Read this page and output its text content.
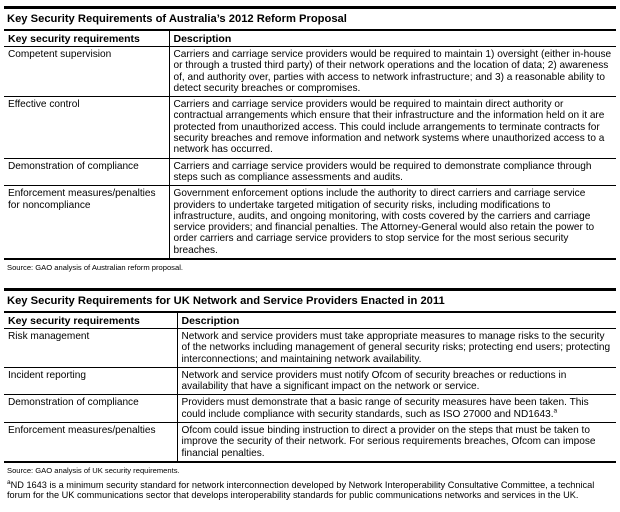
Key Security Requirements of Australia’s 2012 Reform Proposal
Key security requirements	Description
Competent supervision	Carriers and carriage service providers would be required to maintain 1) oversight (either in-house or through a trusted third party) of their network operations and the location of data; 2) awareness of, and authority over, parties with access to network infrastructure; and 3) a reasonable ability to detect security breaches or compromises.
Effective control	Carriers and carriage service providers would be required to maintain direct authority or contractual arrangements which ensure that their infrastructure and the information held on it are protected from unauthorized access. This could include arrangements to terminate contracts for security breaches and remove information and network systems where unauthorized access to a network has occurred.
Demonstration of compliance	Carriers and carriage service providers would be required to demonstrate compliance through steps such as compliance assessments and audits.
Enforcement measures/penalties for noncompliance	Government enforcement options include the authority to direct carriers and carriage service providers to undertake targeted mitigation of security risks, including modifications to infrastructure, audits, and ongoing monitoring, with costs covered by the carriers and carriage service providers; and financial penalties. The Attorney-General would also retain the power to order carriers and carriage service providers to stop service for the most serious security breaches.
Source: GAO analysis of Australian reform proposal.
Key Security Requirements for UK Network and Service Providers Enacted in 2011
Key security requirements	Description
Risk management	Network and service providers must take appropriate measures to manage risks to the security of the networks including management of general security risks; protecting end users; protecting interconnections; and maintaining network availability.
Incident reporting	Network and service providers must notify Ofcom of security breaches or reductions in availability that have a significant impact on the network or service.
Demonstration of compliance	Providers must demonstrate that a basic range of security measures have been taken. This could include compliance with security standards, such as ISO 27000 and ND1643.$^a$
Enforcement measures/penalties	Ofcom could issue binding instruction to direct a provider on the steps that must be taken to improve the security of their network. For serious requirements breaches, Ofcom can impose financial penalties.
Source: GAO analysis of UK security requirements.
$^a$ND 1643 is a minimum security standard for network interconnection developed by Network Interoperability Consultative Committee, a technical forum for the UK communications sector that develops interoperability standards for public communications networks and services in the UK.
